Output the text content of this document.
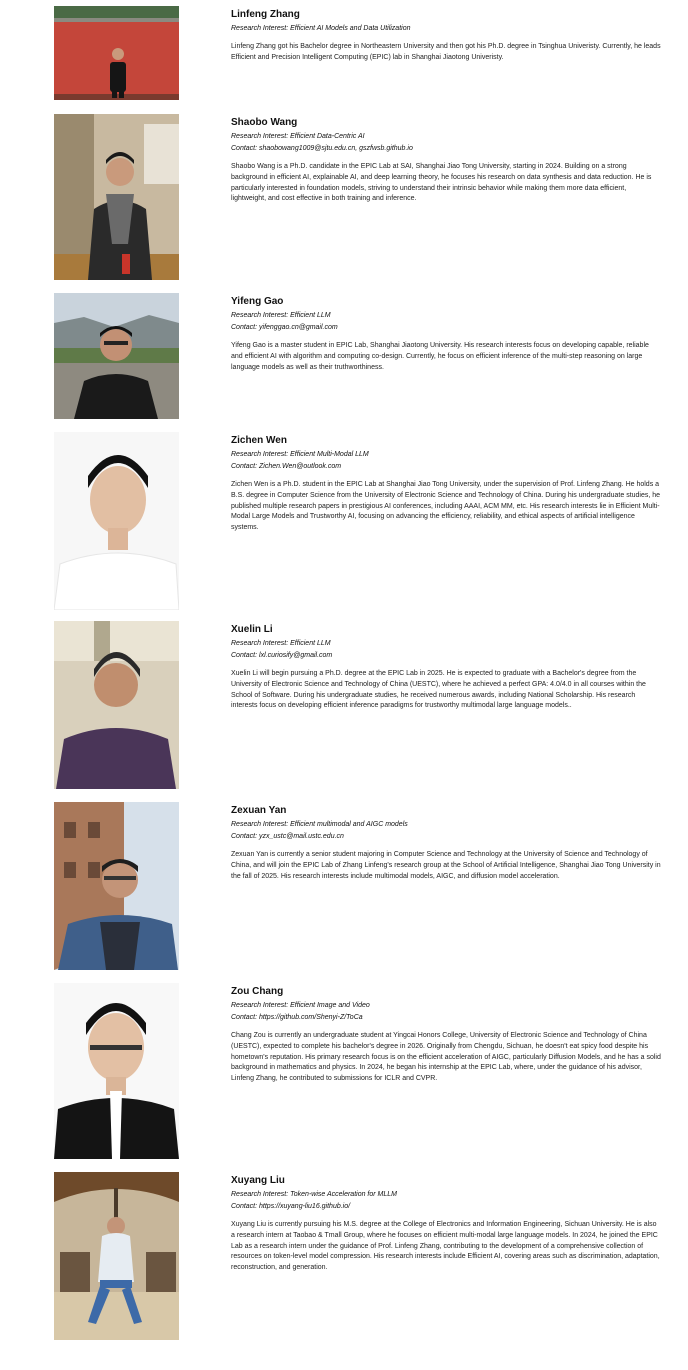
Linfeng Zhang
Research Interest: Efficient AI Models and Data Utilization
Linfeng Zhang got his Bachelor degree in Northeastern University and then got his Ph.D. degree in Tsinghua Univeristy. Currently, he leads Efficient and Precision Intelligent Computing (EPIC) lab in Shanghai Jiaotong Univeristy.
Shaobo Wang
Research Interest: Efficient Data-Centric AI
Contact: shaobowang1009@sjtu.edu.cn, gszfwsb.github.io
Shaobo Wang is a Ph.D. candidate in the EPIC Lab at SAI, Shanghai Jiao Tong University, starting in 2024. Building on a strong background in efficient AI, explainable AI, and deep learning theory, he focuses his research on data synthesis and data reduction. He is particularly interested in foundation models, striving to understand their intrinsic behavior while making them more data efficient, lightweight, and cost effective in both training and inference.
Yifeng Gao
Research Interest: Efficient LLM
Contact: yifenggao.cn@gmail.com
Yifeng Gao is a master student in EPIC Lab, Shanghai Jiaotong University. His research interests focus on developing capable, reliable and efficient AI with algorithm and computing co-design. Currently, he focus on efficient inference of the multi-step reasoning on large language models as well as their truthworthiness.
Zichen Wen
Research Interest: Efficient Multi-Modal LLM
Contact: Zichen.Wen@outlook.com
Zichen Wen is a Ph.D. student in the EPIC Lab at Shanghai Jiao Tong University, under the supervision of Prof. Linfeng Zhang. He holds a B.S. degree in Computer Science from the University of Electronic Science and Technology of China. During his undergraduate studies, he published multiple research papers in prestigious AI conferences, including AAAI, ACM MM, etc. His research interests lie in Efficient Multi-Modal Large Models and Trustworthy AI, focusing on advancing the efficiency, reliability, and ethical aspects of artificial intelligence systems.
Xuelin Li
Research Interest: Efficient LLM
Contact: lxl.curiosify@gmail.com
Xuelin Li will begin pursuing a Ph.D. degree at the EPIC Lab in 2025. He is expected to graduate with a Bachelor's degree from the University of Electronic Science and Technology of China (UESTC), where he achieved a perfect GPA: 4.0/4.0 in all courses within the School of Software. During his undergraduate studies, he received numerous awards, including National Scholarship. His research interests focus on developing efficient inference paradigms for trustworthy multimodal large language models..
Zexuan Yan
Research Interest: Efficient multimodal and AIGC models
Contact: yzx_ustc@mail.ustc.edu.cn
Zexuan Yan is currently a senior student majoring in Computer Science and Technology at the University of Science and Technology of China, and will join the EPIC Lab of Zhang Linfeng's research group at the School of Artificial Intelligence, Shanghai Jiao Tong University in the fall of 2025. His research interests include multimodal models, AIGC, and diffusion model acceleration.
Zou Chang
Research Interest: Efficient Image and Video
Contact: https://github.com/Shenyi-Z/ToCa
Chang Zou is currently an undergraduate student at Yingcai Honors College, University of Electronic Science and Technology of China (UESTC), expected to complete his bachelor's degree in 2026. Originally from Chengdu, Sichuan, he doesn't eat spicy food despite his hometown's reputation. His primary research focus is on the efficient acceleration of AIGC, particularly Diffusion Models, and he has a solid background in mathematics and physics. In 2024, he began his internship at the EPIC Lab, where, under the guidance of his advisor, Linfeng Zhang, he contributed to submissions for ICLR and CVPR.
Xuyang Liu
Research Interest: Token-wise Acceleration for MLLM
Contact: https://xuyang-liu16.github.io/
Xuyang Liu is currently pursuing his M.S. degree at the College of Electronics and Information Engineering, Sichuan University. He is also a research intern at Taobao & Tmall Group, where he focuses on efficient multi-modal large language models. In 2024, he joined the EPIC Lab as a research intern under the guidance of Prof. Linfeng Zhang, contributing to the development of a comprehensive collection of resources on token-level model compression. His research interests include Efficient AI, covering areas such as discrimination, adaptation, reconstruction, and generation.
